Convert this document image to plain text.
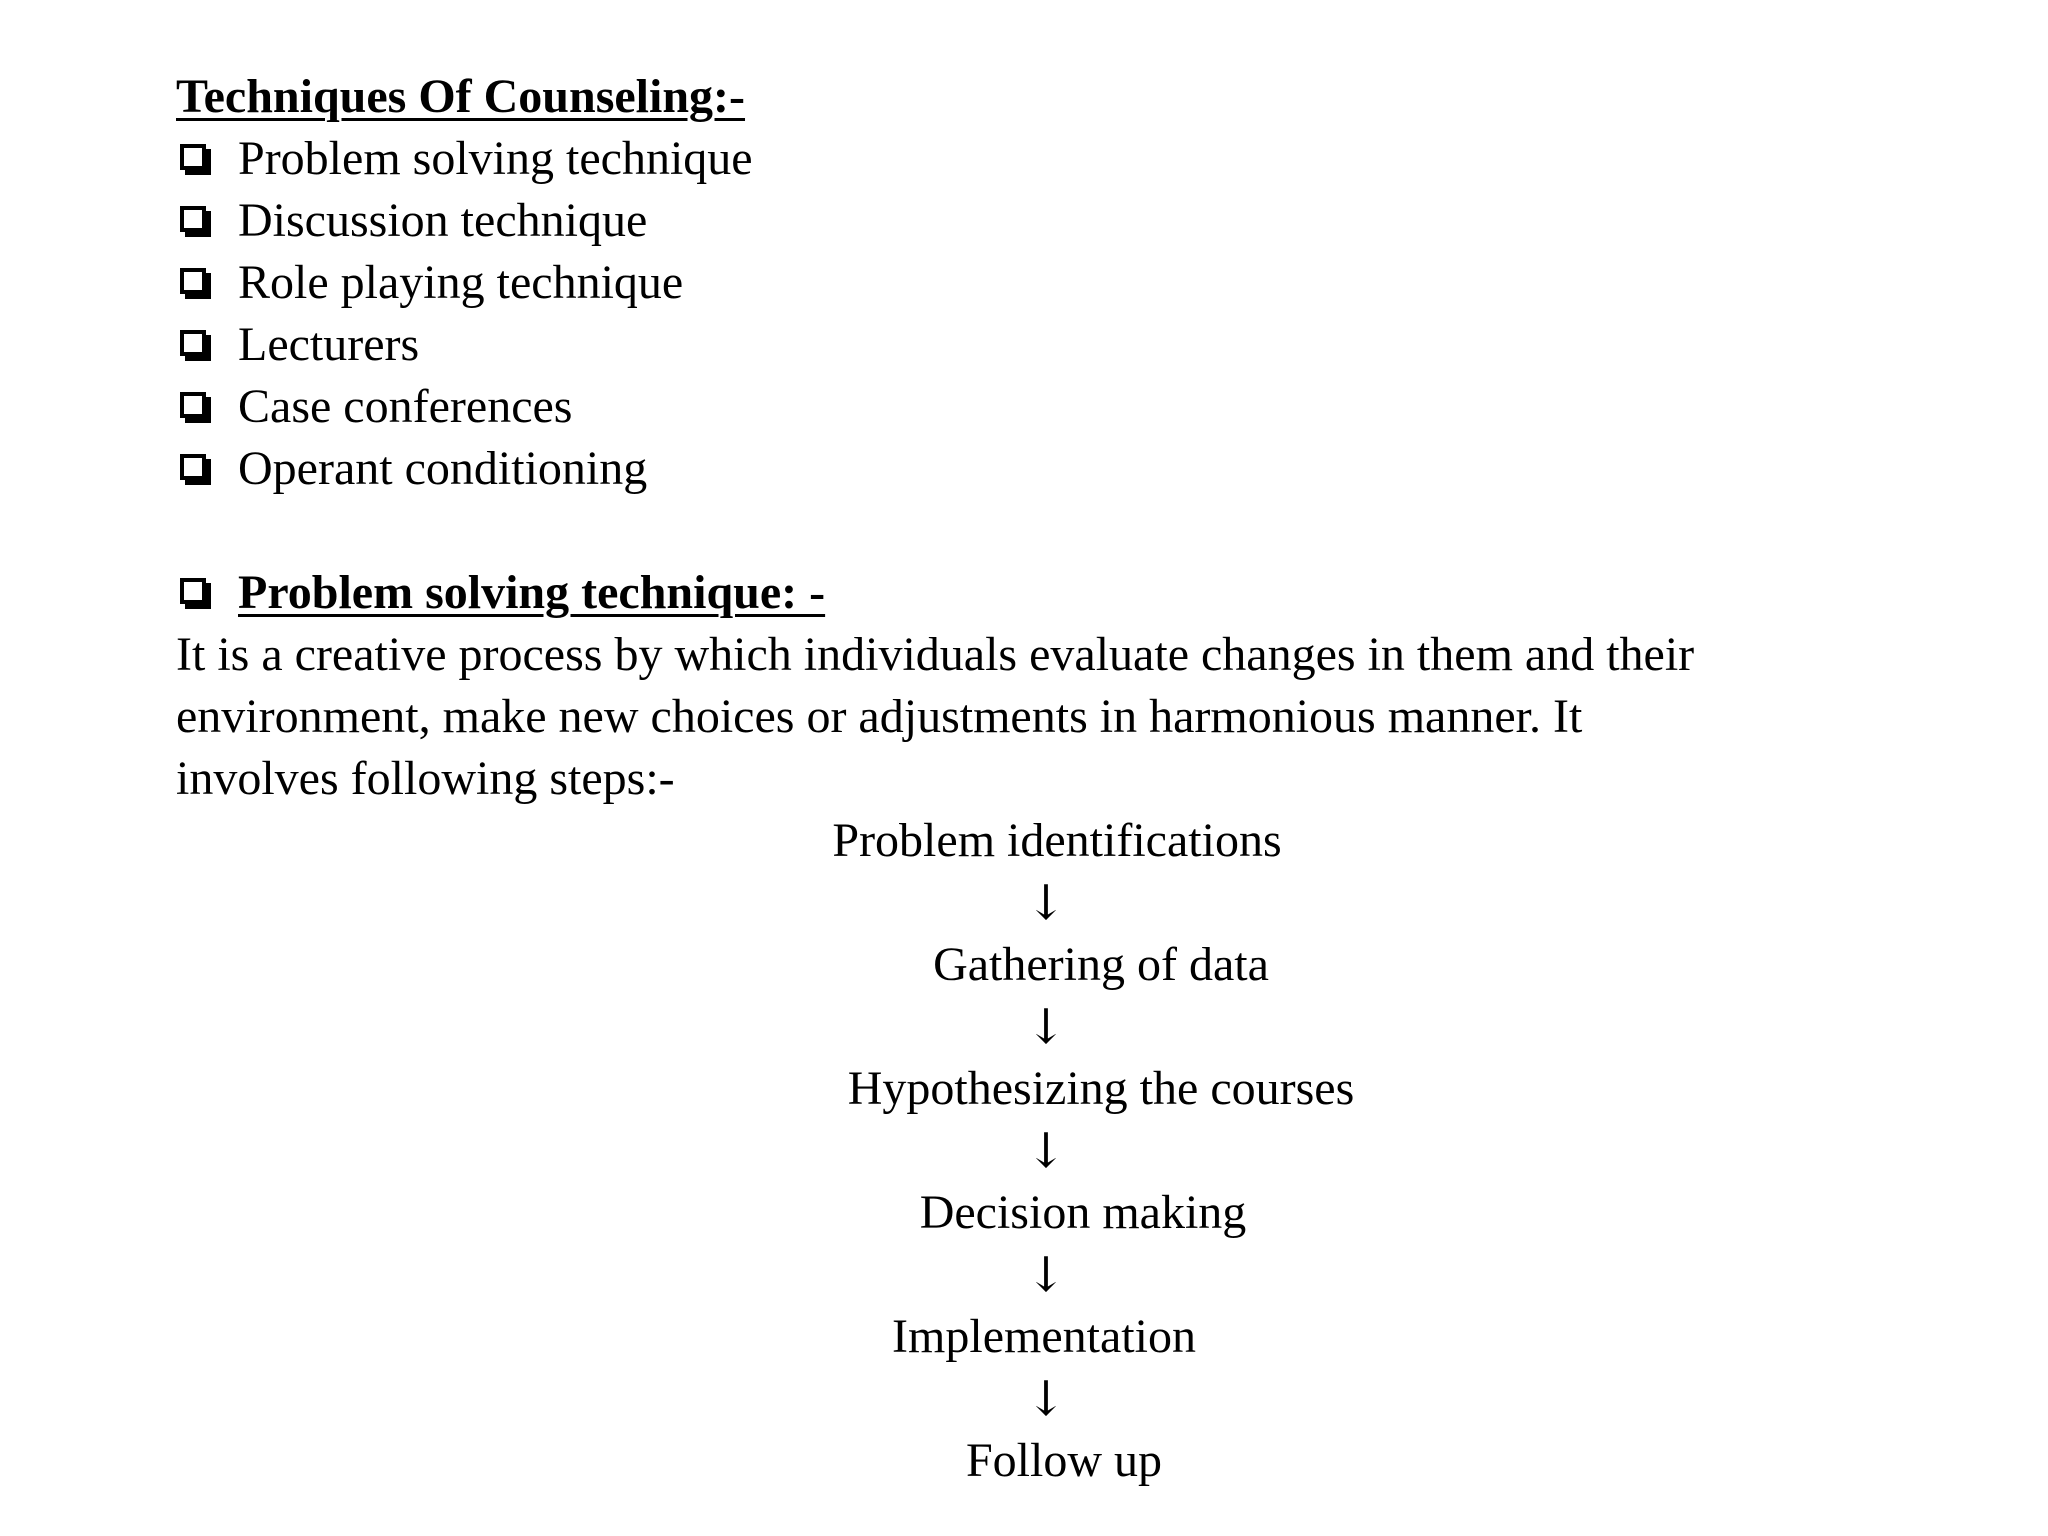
Techniques Of Counseling:-
Problem solving technique
Discussion technique
Role playing technique
Lecturers
Case conferences
Operant conditioning
Problem solving technique: -
It is a creative process by which individuals evaluate changes in them and their
environment, make new choices or adjustments in harmonious manner. It
involves following steps:-
Problem identifications
↓
Gathering of data
↓
Hypothesizing the courses
↓
Decision making
↓
Implementation
↓
Follow up
